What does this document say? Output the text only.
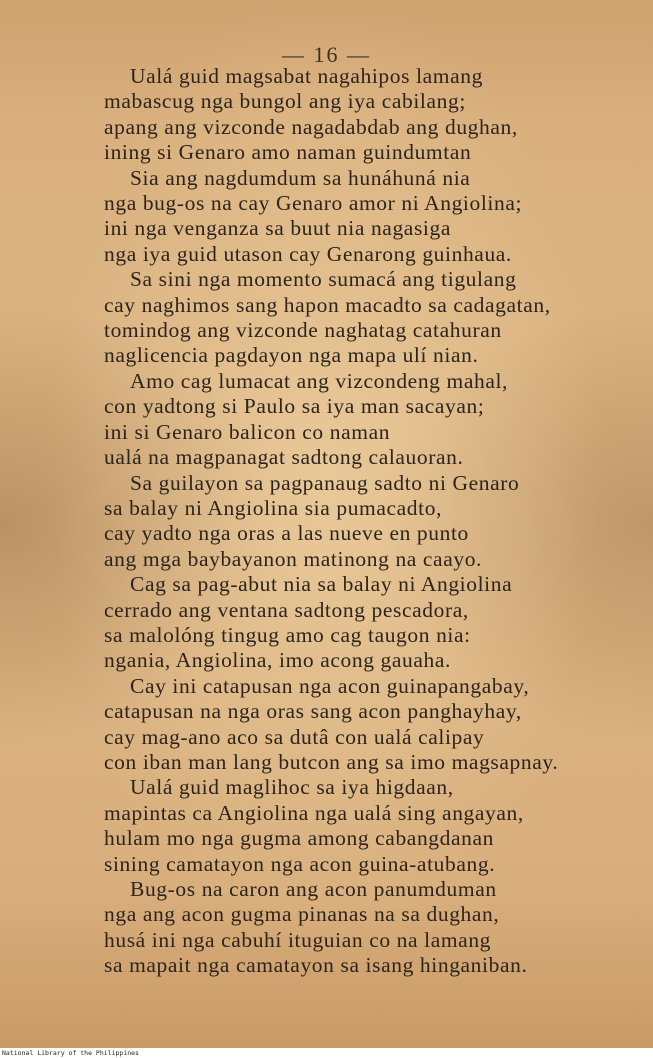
— 16 —
Ualá guid magsabat nagahipos lamang
mabascug nga bungol ang iya cabilang;
apang ang vizconde nagadabdab ang dughan,
ining si Genaro amo naman guindumtan
Sia ang nagdumdum sa hunáhuná nia
nga bug-os na cay Genaro amor ni Angiolina;
ini nga venganza sa buut nia nagasiga
nga iya guid utason cay Genarong guinhaua.
Sa sini nga momento sumacá ang tigulang
cay naghimos sang hapon macadto sa cadagatan,
tomindog ang vizconde naghatag catahuran
naglicencia pagdayon nga mapa ulí nian.
Amo cag lumacat ang vizcondeng mahal,
con yadtong si Paulo sa iya man sacayan;
ini si Genaro balicon co naman
ualá na magpanagat sadtong calauoran.
Sa guilayon sa pagpanaug sadto ni Genaro
sa balay ni Angiolina sia pumacadto,
cay yadto nga oras a las nueve en punto
ang mga baybayanon matinong na caayo.
Cag sa pag-abut nia sa balay ni Angiolina
cerrado ang ventana sadtong pescadora,
sa malolóng tingug amo cag taugon nia:
ngania, Angiolina, imo acong gauaha.
Cay ini catapusan nga acon guinapangabay,
catapusan na nga oras sang acon panghayhay,
cay mag-ano aco sa dutâ con ualá calipay
con iban man lang butcon ang sa imo magsapnay.
Ualá guid maglihoc sa iya higdaan,
mapintas ca Angiolina nga ualá sing angayan,
hulam mo nga gugma among cabangdanan
sining camatayon nga acon guina-atubang.
Bug-os na caron ang acon panumduman
nga ang acon gugma pinanas na sa dughan,
husá ini nga cabuhí ituguian co na lamang
sa mapait nga camatayon sa isang hinganiban.
National Library of the Philippines
